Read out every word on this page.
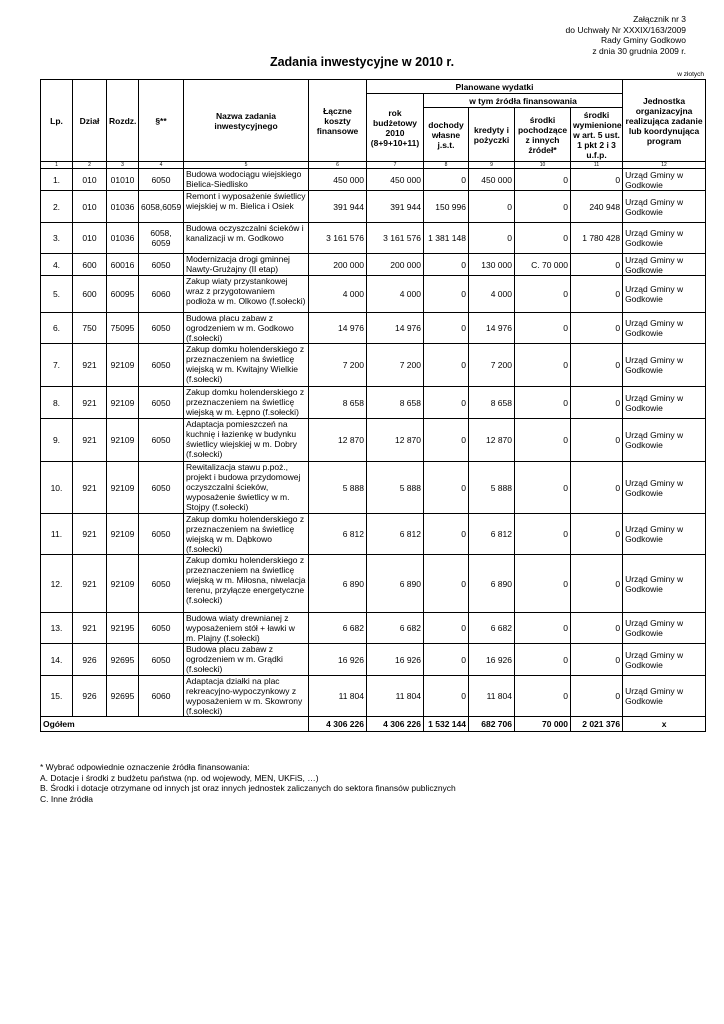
Załącznik nr 3
do Uchwały Nr XXXIX/163/2009
Rady Gminy Godkowo
z dnia 30 grudnia 2009 r.
Zadania inwestycyjne w 2010 r.
w złotych
Lp.	Dział	Rozdz.	§**	Nazwa zadania inwestycyjnego	Łączne koszty finansowe	Planowane wydatki					Jednostka organizacyjna realizująca zadanie lub koordynująca program
						rok budżetowy 2010 (8+9+10+11)	w tym źródła finansowania				
							dochody własne j.s.t.	kredyty i pożyczki	środki pochodzące z innych źródeł*	środki wymienione w art. 5 ust. 1 pkt 2 i 3 u.f.p.	
1	2	3	4	5	6	7	8	9	10	11	12
1.	010	01010	6050	Budowa wodociągu wiejskiego Bielica-Siedlisko	450 000	450 000	0	450 000	0	0	Urząd Gminy w Godkowie
2.	010	01036	6058,6059	Remont i wyposażenie świetlicy wiejskiej w m. Bielica i Osiek	391 944	391 944	150 996	0	0	240 948	Urząd Gminy w Godkowie
3.	010	01036	6058, 6059	Budowa oczyszczalni ścieków i kanalizacji w m. Godkowo	3 161 576	3 161 576	1 381 148	0	0	1 780 428	Urząd Gminy w Godkowie
4.	600	60016	6050	Modernizacja drogi gminnej Nawty-Grużajny (II etap)	200 000	200 000	0	130 000	C. 70 000	0	Urząd Gminy w Godkowie
5.	600	60095	6060	Zakup wiaty przystankowej wraz z przygotowaniem podłoża w m. Olkowo (f.sołecki)	4 000	4 000	0	4 000	0	0	Urząd Gminy w Godkowie
6.	750	75095	6050	Budowa placu zabaw z ogrodzeniem w m. Godkowo (f.sołecki)	14 976	14 976	0	14 976	0	0	Urząd Gminy w Godkowie
7.	921	92109	6050	Zakup domku holenderskiego z przeznaczeniem na świetlicę wiejską w m. Kwitajny Wielkie (f.sołecki)	7 200	7 200	0	7 200	0	0	Urząd Gminy w Godkowie
8.	921	92109	6050	Zakup domku holenderskiego z przeznaczeniem na świetlicę wiejską w m. Łępno (f.sołecki)	8 658	8 658	0	8 658	0	0	Urząd Gminy w Godkowie
9.	921	92109	6050	Adaptacja pomieszczeń na kuchnię i łazienkę w budynku świetlicy wiejskiej w m. Dobry (f.sołecki)	12 870	12 870	0	12 870	0	0	Urząd Gminy w Godkowie
10.	921	92109	6050	Rewitalizacja stawu p.poż., projekt i budowa przydomowej oczyszczalni ścieków, wyposażenie świetlicy w m. Stojpy (f.sołecki)	5 888	5 888	0	5 888	0	0	Urząd Gminy w Godkowie
11.	921	92109	6050	Zakup domku holenderskiego z przeznaczeniem na świetlicę wiejską w m. Dąbkowo (f.sołecki)	6 812	6 812	0	6 812	0	0	Urząd Gminy w Godkowie
12.	921	92109	6050	Zakup domku holenderskiego z przeznaczeniem na świetlicę wiejską w m. Miłosna, niwelacja terenu, przyłącze energetyczne (f.sołecki)	6 890	6 890	0	6 890	0	0	Urząd Gminy w Godkowie
13.	921	92195	6050	Budowa wiaty drewnianej z wyposażeniem stół + ławki w m. Plajny (f.sołecki)	6 682	6 682	0	6 682	0	0	Urząd Gminy w Godkowie
14.	926	92695	6050	Budowa placu zabaw z ogrodzeniem w m. Grądki (f.sołecki)	16 926	16 926	0	16 926	0	0	Urząd Gminy w Godkowie
15.	926	92695	6060	Adaptacja działki na plac rekreacyjno-wypoczynkowy z wyposażeniem w m. Skowrony (f.sołecki)	11 804	11 804	0	11 804	0	0	Urząd Gminy w Godkowie
Ogółem					4 306 226	4 306 226	1 532 144	682 706	70 000	2 021 376	x
* Wybrać odpowiednie oznaczenie źródła finansowania:
A. Dotacje i środki z budżetu państwa (np. od wojewody, MEN, UKFiS, …)
B. Środki i dotacje otrzymane od innych jst oraz innych jednostek zaliczanych do sektora finansów publicznych
C. Inne źródła
